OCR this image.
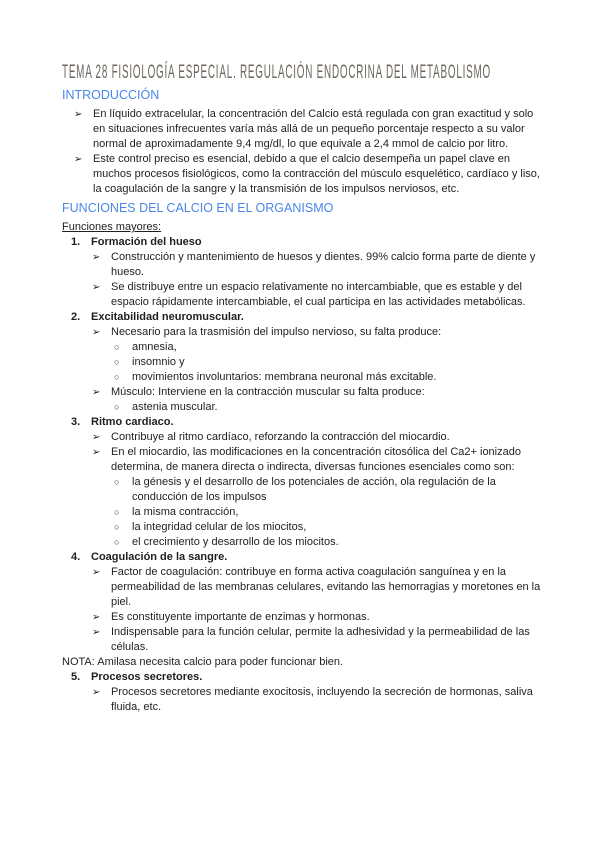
TEMA 28 FISIOLOGÍA ESPECIAL. REGULACIÓN ENDOCRINA DEL METABOLISMO
INTRODUCCIÓN
➢ En líquido extracelular, la concentración del Calcio está regulada con gran exactitud y solo en situaciones infrecuentes varía más allá de un pequeño porcentaje respecto a su valor normal de aproximadamente 9,4 mg/dl, lo que equivale a 2,4 mmol de calcio por litro.
➢ Este control preciso es esencial, debido a que el calcio desempeña un papel clave en muchos procesos fisiológicos, como la contracción del músculo esquelético, cardíaco y liso, la coagulación de la sangre y la transmisión de los impulsos nerviosos, etc.
FUNCIONES DEL CALCIO EN EL ORGANISMO
Funciones mayores:
1. Formación del hueso
➢ Construcción y mantenimiento de huesos y dientes. 99% calcio forma parte de diente y hueso.
➢ Se distribuye entre un espacio relativamente no intercambiable, que es estable y del espacio rápidamente intercambiable, el cual participa en las actividades metabólicas.
2. Excitabilidad neuromuscular.
➢ Necesario para la trasmisión del impulso nervioso, su falta produce:
○	amnesia,
○	insomnio y
○	movimientos involuntarios: membrana neuronal más excitable.
➢ Músculo: Interviene en la contracción muscular su falta produce:
○	astenia muscular.
3. Ritmo cardiaco.
➢ Contribuye al ritmo cardíaco, reforzando la contracción del miocardio.
➢ En el miocardio, las modificaciones en la concentración citosólica del Ca2+ ionizado determina, de manera directa o indirecta, diversas funciones esenciales como son:
○	la génesis y el desarrollo de los potenciales de acción, ola regulación de la conducción de los impulsos
○	la misma contracción,
○	la integridad celular de los miocitos,
○	el crecimiento y desarrollo de los miocitos.
4. Coagulación de la sangre.
➢ Factor de coagulación: contribuye en forma activa coagulación sanguínea y en la permeabilidad de las membranas celulares, evitando las hemorragias y moretones en la piel.
➢ Es constituyente importante de enzimas y hormonas.
➢ Indispensable para la función celular, permite la adhesividad y la permeabilidad de las células.
NOTA: Amilasa necesita calcio para poder funcionar bien.
5. Procesos secretores.
➢ Procesos secretores mediante exocitosis, incluyendo la secreción de hormonas, saliva fluida, etc.
